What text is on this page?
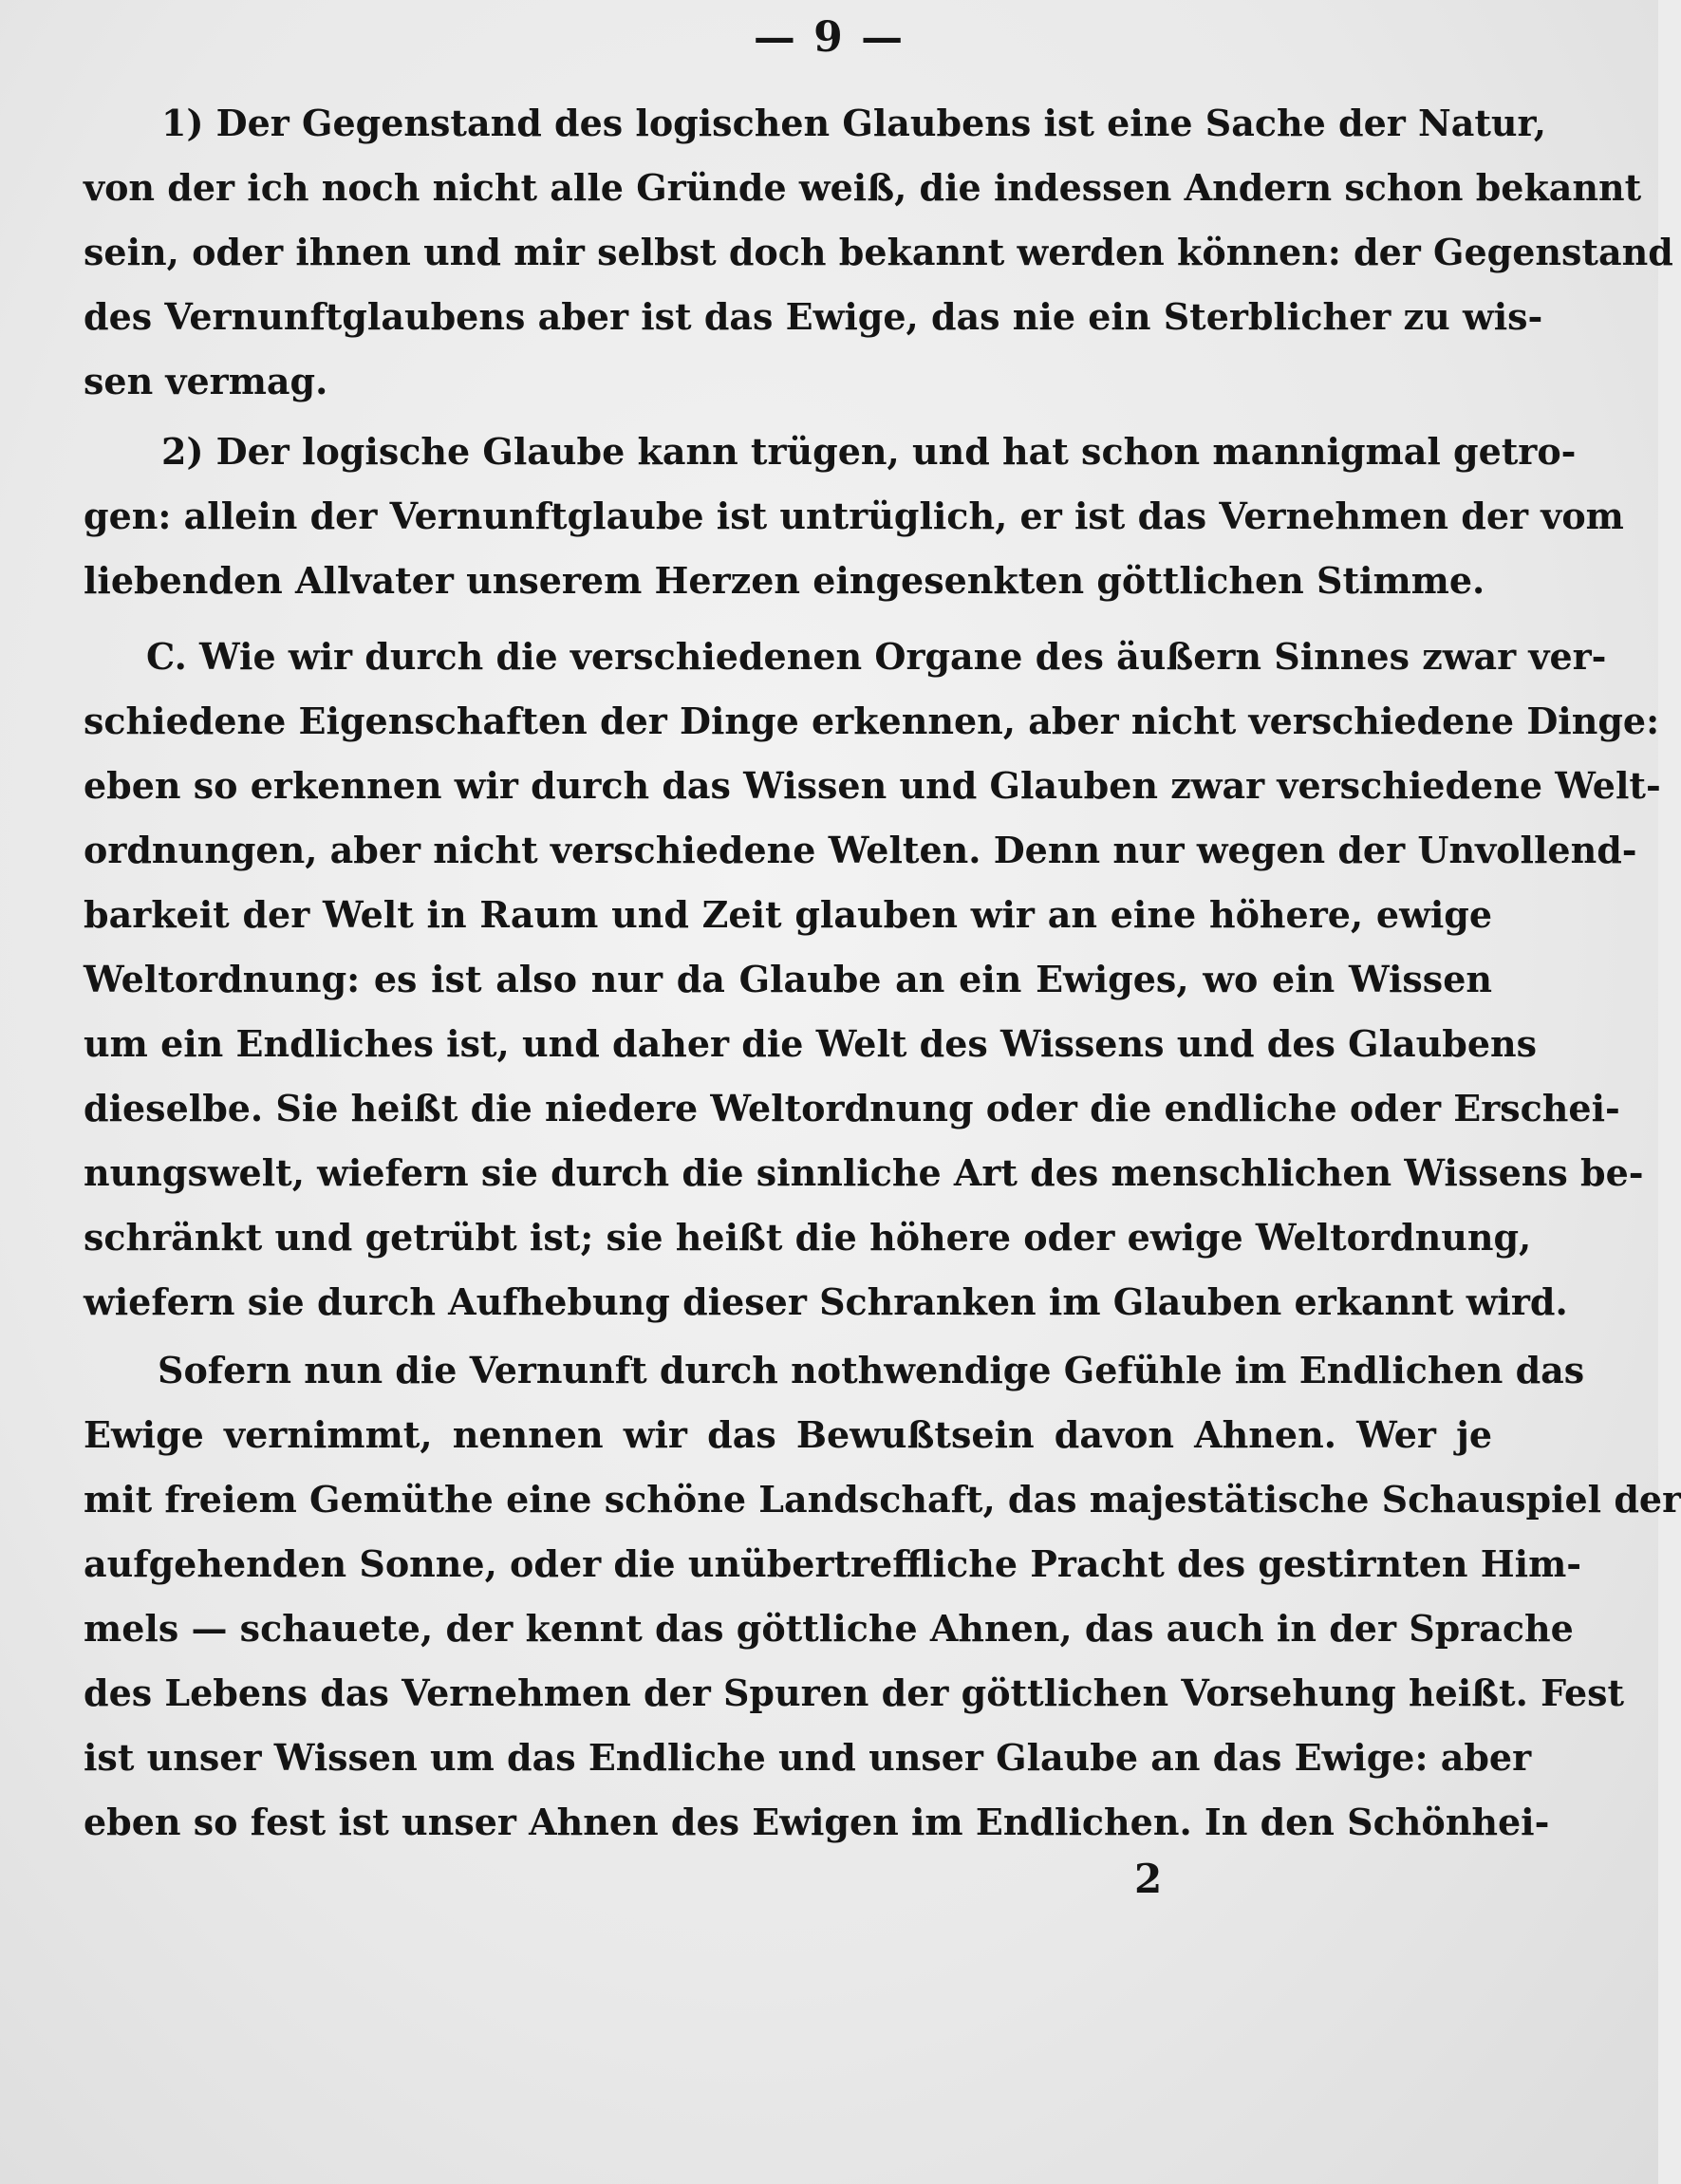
— 9 —
1) Der Gegenstand des logischen Glaubens ist eine Sache der Natur,
von der ich noch nicht alle Gründe weiß, die indessen Andern schon bekannt
sein, oder ihnen und mir selbst doch bekannt werden können: der Gegenstand
des Vernunftglaubens aber ist das Ewige, das nie ein Sterblicher zu wis-
sen vermag.
2) Der logische Glaube kann trügen, und hat schon mannigmal getro-
gen: allein der Vernunftglaube ist untrüglich, er ist das Vernehmen der vom
liebenden Allvater unserem Herzen eingesenkten göttlichen Stimme.
C. Wie wir durch die verschiedenen Organe des äußern Sinnes zwar ver-
schiedene Eigenschaften der Dinge erkennen, aber nicht verschiedene Dinge:
eben so erkennen wir durch das Wissen und Glauben zwar verschiedene Welt-
ordnungen, aber nicht verschiedene Welten. Denn nur wegen der Unvollend-
barkeit der Welt in Raum und Zeit glauben wir an eine höhere, ewige
Weltordnung: es ist also nur da Glaube an ein Ewiges, wo ein Wissen
um ein Endliches ist, und daher die Welt des Wissens und des Glaubens
dieselbe. Sie heißt die niedere Weltordnung oder die endliche oder Erschei-
nungswelt, wiefern sie durch die sinnliche Art des menschlichen Wissens be-
schränkt und getrübt ist; sie heißt die höhere oder ewige Weltordnung,
wiefern sie durch Aufhebung dieser Schranken im Glauben erkannt wird.
Sofern nun die Vernunft durch nothwendige Gefühle im Endlichen das
Ewige vernimmt, nennen wir das Bewußtsein davon Ahnen. Wer je
mit freiem Gemüthe eine schöne Landschaft, das majestätische Schauspiel der
aufgehenden Sonne, oder die unübertreffliche Pracht des gestirnten Him-
mels — schauete, der kennt das göttliche Ahnen, das auch in der Sprache
des Lebens das Vernehmen der Spuren der göttlichen Vorsehung heißt. Fest
ist unser Wissen um das Endliche und unser Glaube an das Ewige: aber
eben so fest ist unser Ahnen des Ewigen im Endlichen. In den Schönhei-
2
